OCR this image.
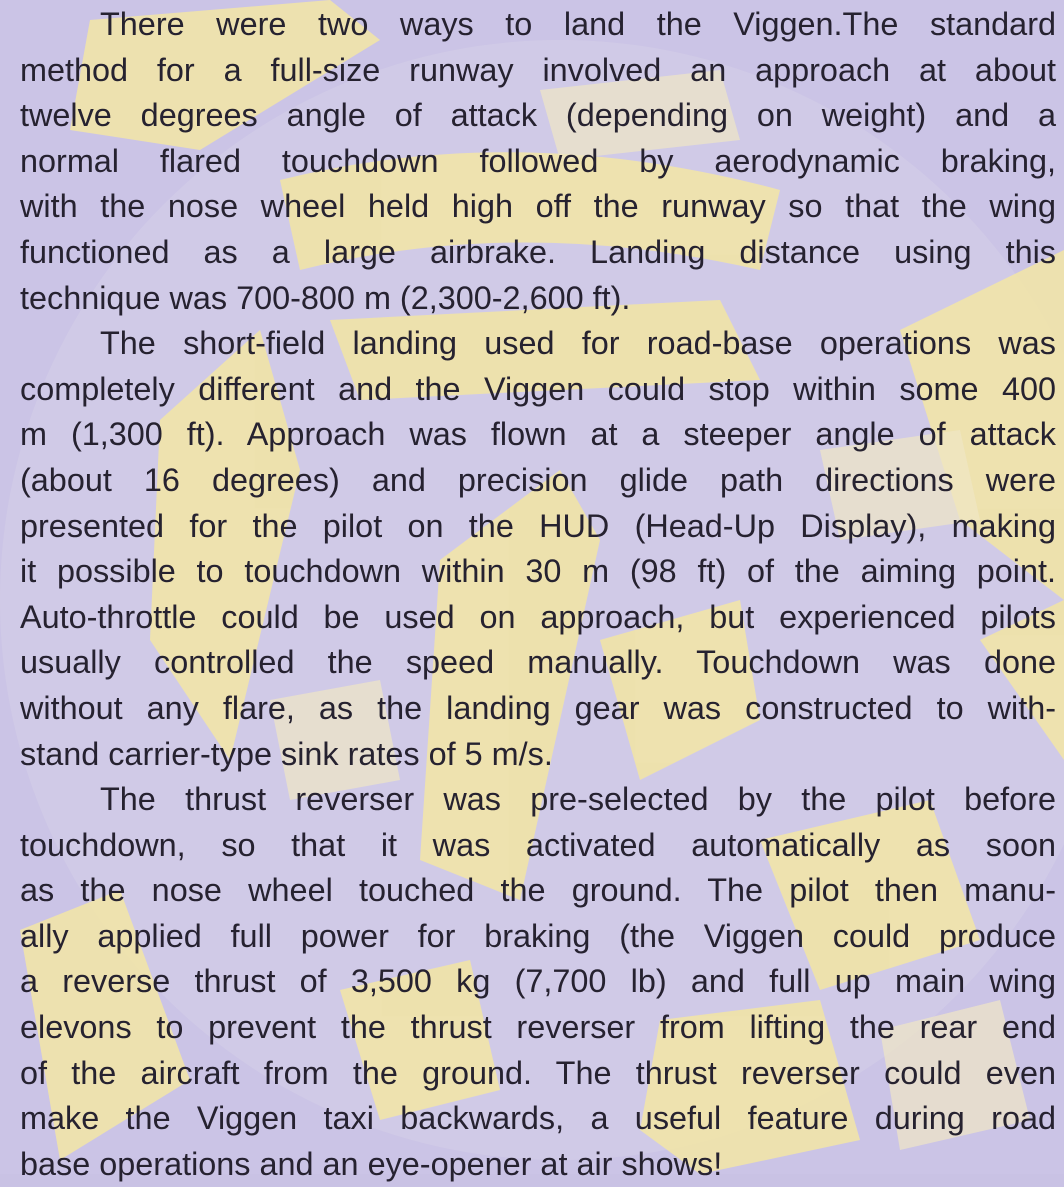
There were two ways to land the Viggen.The standard
method for a full-size runway involved an approach at about
twelve degrees angle of attack (depending on weight) and a
normal flared touchdown followed by aerodynamic braking,
with the nose wheel held high off the runway so that the wing
functioned as a large airbrake. Landing distance using this
technique was 700-800 m (2,300-2,600 ft).

The short-field landing used for road-base operations was
completely different and the Viggen could stop within some 400
m (1,300 ft). Approach was flown at a steeper angle of attack
(about 16 degrees) and precision glide path directions were
presented for the pilot on the HUD (Head-Up Display), making
it possible to touchdown within 30 m (98 ft) of the aiming point.
Auto-throttle could be used on approach, but experienced pilots
usually controlled the speed manually. Touchdown was done
without any flare, as the landing gear was constructed to with-
stand carrier-type sink rates of 5 m/s.

The thrust reverser was pre-selected by the pilot before
touchdown, so that it was activated automatically as soon
as the nose wheel touched the ground. The pilot then manu-
ally applied full power for braking (the Viggen could produce
a reverse thrust of 3,500 kg (7,700 lb) and full up main wing
elevons to prevent the thrust reverser from lifting the rear end
of the aircraft from the ground. The thrust reverser could even
make the Viggen taxi backwards, a useful feature during road
base operations and an eye-opener at air shows!
